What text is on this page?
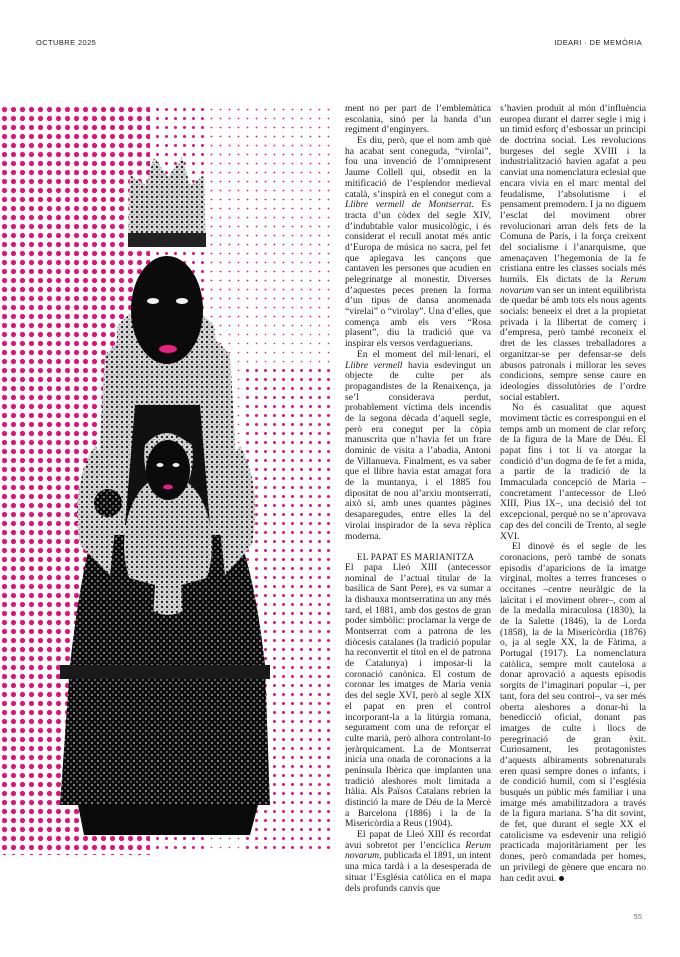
OCTUBRE 2025	IDEARI · DE MEMÒRIA

ment no per part de l’emblemàtica escolania, sinó per la banda d’un regiment d’enginyers.

Es diu, però, que el nom amb què ha acabat sent coneguda, “virolai”, fou una invenció de l’omnipresent Jaume Collell qui, obsedit en la mitificació de l’esplendor medieval català, s’inspirà en el conegut com a Llibre vermell de Montserrat. Es tracta d’un còdex del segle XIV, d’indubtable valor musicològic, i és considerat el recull anotat més antic d’Europa de música no sacra, pel fet que aplegava les cançons que cantaven les persones que acudien en pelegrinatge al monestir. Diverses d’aquestes peces prenen la forma d’un tipus de dansa anomenada “virelai” o “virolay”. Una d’elles, que comença amb els vers “Rosa plasent”, diu la tradició que va inspirar els versos verdaguerians.

En el moment del mil·lenari, el Llibre vermell havia esdevingut un objecte de culte per als propagandistes de la Renaixença, ja se’l considerava perdut, probablement víctima dels incendis de la segona dècada d’aquell segle, però era conegut per la còpia manuscrita que n’havia fet un frare dominic de visita a l’abadia, Antoni de Villanueva. Finalment, es va saber que el llibre havia estat amagat fora de la muntanya, i el 1885 fou dipositat de nou al’arxiu montserratí, això sí, amb unes quantes pàgines desaparegudes, entre elles la del virolai inspirador de la seva rèplica moderna.

EL PAPAT ES MARIANITZA

El papa Lleó XIII (antecessor nominal de l’actual titular de la basílica de Sant Pere), es va sumar a la disbauxa montserratina un any més tard, el 1881, amb dos gestos de gran poder simbòlic: proclamar la verge de Montserrat com a patrona de les diòcesis catalanes (la tradició popular ha reconvertit el títol en el de patrona de Catalunya) i imposar-li la coronació canònica. El costum de coronar les imatges de Maria venia des del segle XVI, però al segle XIX el papat en pren el control incorporant-la a la litúrgia romana, segurament com una de reforçar el culte marià, però alhora controlant-lo jeràrquicament. La de Montserrat inicia una onada de coronacions a la península Ibèrica que implanten una tradició aleshores molt limitada a Itàlia. Als Països Catalans rebrien la distinció la mare de Déu de la Mercè a Barcelona (1886) i la de la Misericòrdia a Reus (1904).

El papat de Lleó XIII és recordat avui sobretot per l’encíclica Rerum novarum, publicada el 1891, un intent una mica tardà i a la desesperada de situar l’Església catòlica en el mapa dels profunds canvis que

s’havien produït al món d’influència europea durant el darrer segle i mig i un tímid esforç d’esbossar un principi de doctrina social. Les revolucions burgeses del segle XVIII i la industrialització havien agafat a peu canviat una nomenclatura eclesial que encara vivia en el marc mental del feudalisme, l’absolutisme i el pensament premodern. I ja no diguem l’esclat del moviment obrer revolucionari arran dels fets de la Comuna de París, i la força creixent del socialisme i l’anarquisme, que amenaçaven l’hegemonia de la fe cristiana entre les classes socials més humils. Els dictats de la Rerum novarum van ser un intent equilibrista de quedar bé amb tots els nous agents socials: beneeix el dret a la propietat privada i la llibertat de comerç i d’empresa, però també reconeix el dret de les classes treballadores a organitzar-se per defensar-se dels abusos patronals i millorar les seves condicions, sempre sense caure en ideologies dissolutòries de l’ordre social establert.

No és casualitat que aquest moviment tàctic es correspongui en el temps amb un moment de clar reforç de la figura de la Mare de Déu. El papat fins i tot li va atorgar la condició d’un dogma de fe fet a mida, a partir de la tradició de la Immaculada concepció de Maria –concretament l’antecessor de Lleó XIII, Pius IX–, una decisió del tot excepcional, perquè no se n’aprovava cap des del concili de Trento, al segle XVI.

El dinovè és el segle de les coronacions, però també de sonats episodis d’aparicions de la imatge virginal, moltes a terres franceses o occitanes –centre neuràlgic de la laïcitat i el moviment obrer–, com al de la medalla miraculosa (1830), la de la Salette (1846), la de Lorda (1858), la de la Misericòrdia (1876) o, ja al segle XX, la de Fàtima, a Portugal (1917). La nomenclatura catòlica, sempre molt cautelosa a donar aprovació a aquests episodis sorgits de l’imaginari popular –i, per tant, fora del seu control–, va ser més oberta aleshores a donar-hi la benedicció oficial, donant pas imatges de culte i llocs de peregrinació de gran èxit. Curiosament, les protagonistes d’aquests albiraments sobrenaturals eren quasi sempre dones o infants, i de condició humil, com si l’església busqués un públic més familiar i una imatge més amabilitzadora a través de la figura mariana. S’ha dit sovint, de fet, que durant el segle XX el catolicisme va esdevenir una religió practicada majoritàriament per les dones, però comandada per homes, un privilegi de gènere que encara no han cedit avui.

55
